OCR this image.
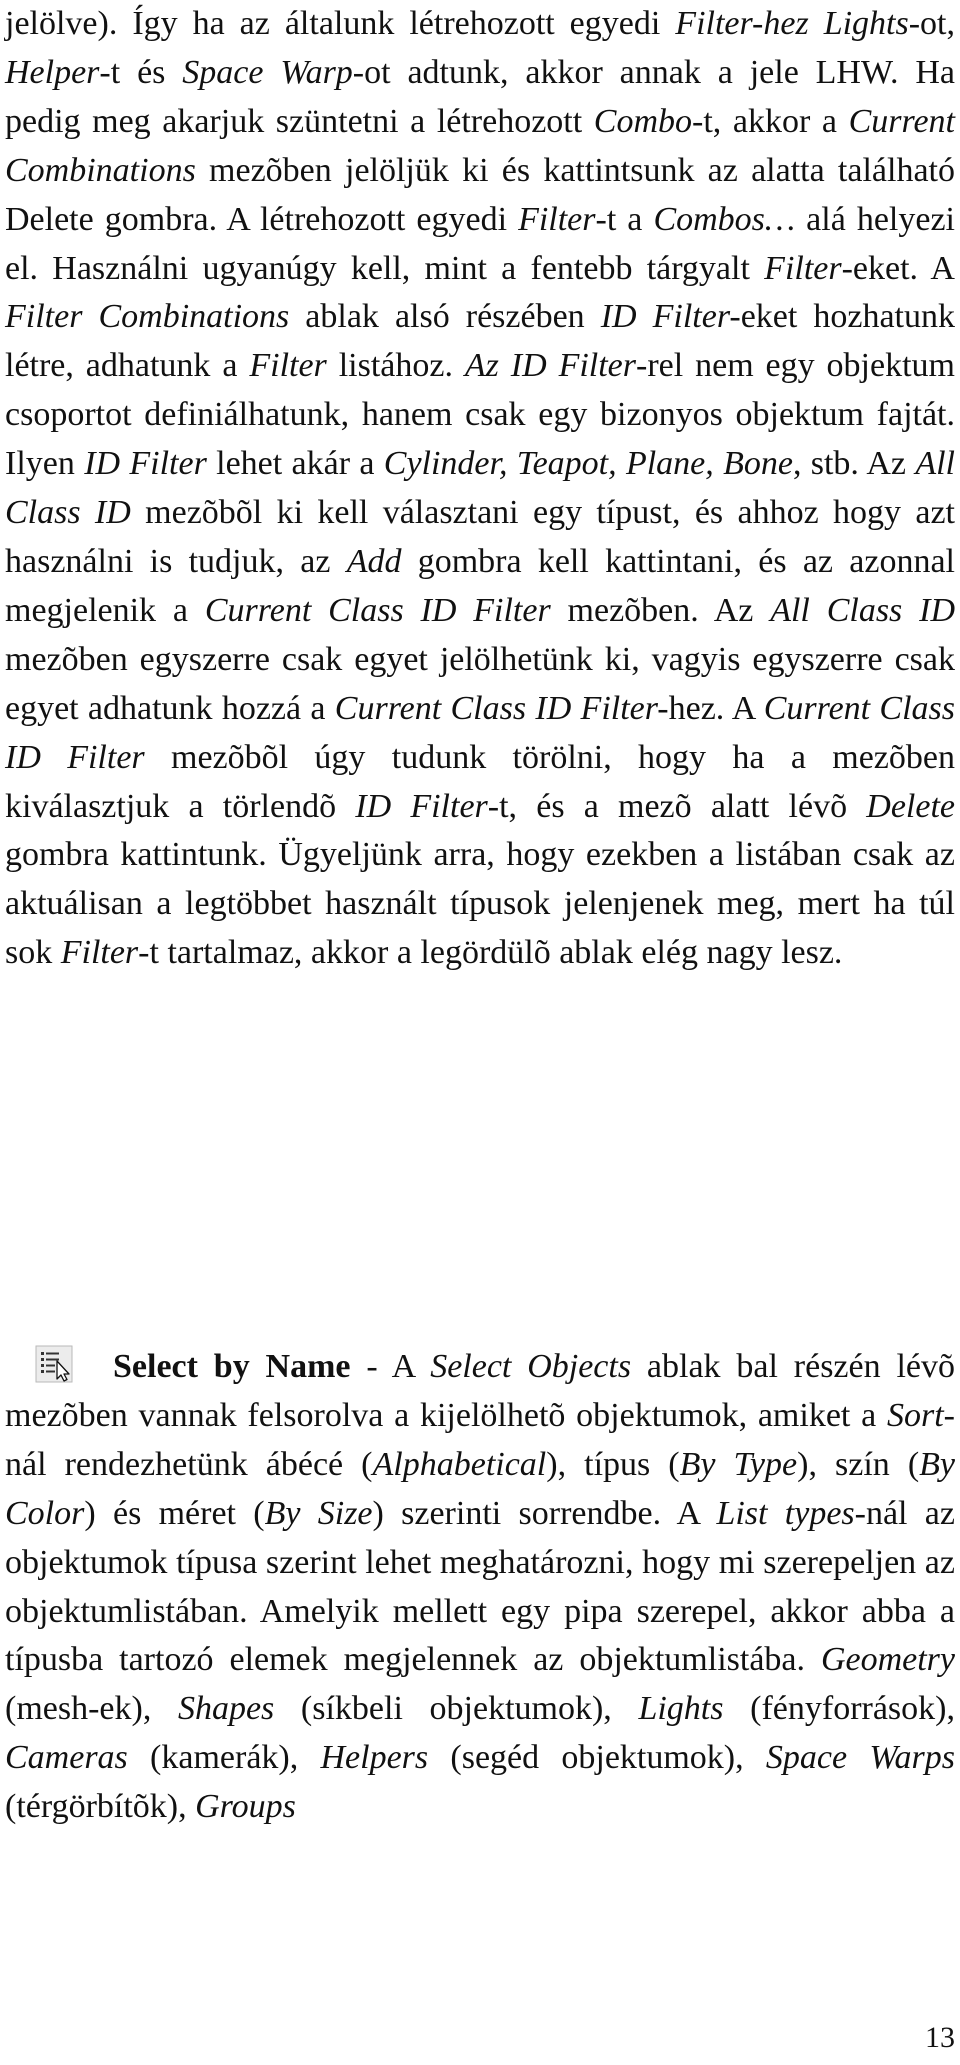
jelölve). Így ha az általunk létrehozott egyedi Filter-hez Lights-ot, Helper-t és Space Warp-ot adtunk, akkor annak a jele LHW. Ha pedig meg akarjuk szüntetni a létrehozott Combo-t, akkor a Current Combinations mezõben jelöljük ki és kattintsunk az alatta található Delete gombra. A létrehozott egyedi Filter-t a Combos… alá helyezi el. Használni ugyanúgy kell, mint a fentebb tárgyalt Filter-eket. A Filter Combinations ablak alsó részében ID Filter-eket hozhatunk létre, adhatunk a Filter listához. Az ID Filter-rel nem egy objektum csoportot definiálhatunk, hanem csak egy bizonyos objektum fajtát. Ilyen ID Filter lehet akár a Cylinder, Teapot, Plane, Bone, stb. Az All Class ID mezõbõl ki kell választani egy típust, és ahhoz hogy azt használni is tudjuk, az Add gombra kell kattintani, és az azonnal megjelenik a Current Class ID Filter mezõben. Az All Class ID mezõben egyszerre csak egyet jelölhetünk ki, vagyis egyszerre csak egyet adhatunk hozzá a Current Class ID Filter-hez. A Current Class ID Filter mezõbõl úgy tudunk törölni, hogy ha a mezõben kiválasztjuk a törlendõ ID Filter-t, és a mezõ alatt lévõ Delete gombra kattintunk. Ügyeljünk arra, hogy ezekben a listában csak az aktuálisan a legtöbbet használt típusok jelenjenek meg, mert ha túl sok Filter-t tartalmaz, akkor a legördülõ ablak elég nagy lesz.

Select by Name - A Select Objects ablak bal részén lévõ mezõben vannak felsorolva a kijelölhetõ objektumok, amiket a Sort-nál rendezhetünk ábécé (Alphabetical), típus (By Type), szín (By Color) és méret (By Size) szerinti sorrendbe. A List types-nál az objektumok típusa szerint lehet meghatározni, hogy mi szerepeljen az objektumlistában. Amelyik mellett egy pipa szerepel, akkor abba a típusba tartozó elemek megjelennek az objektumlistába. Geometry (mesh-ek), Shapes (síkbeli objektumok), Lights (fényforrások), Cameras (kamerák), Helpers (segéd objektumok), Space Warps (térgörbítõk), Groups

13
